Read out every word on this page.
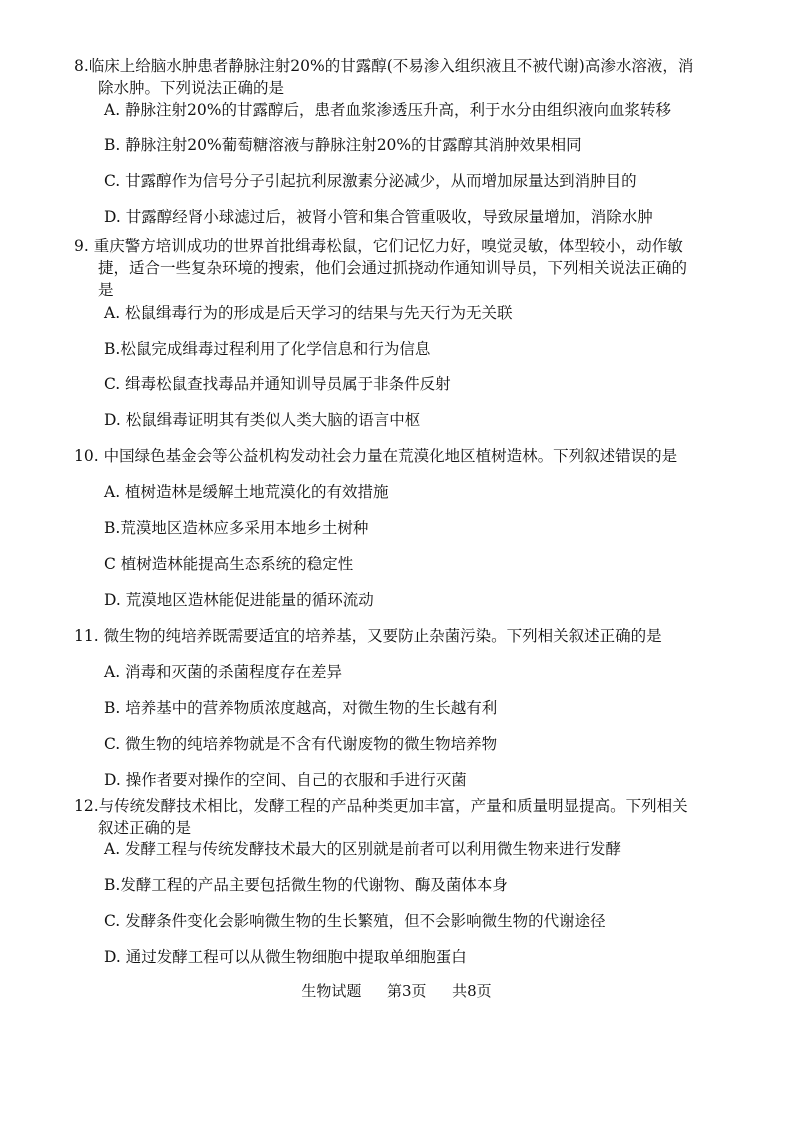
8.临床上给脑水肿患者静脉注射20%的甘露醇(不易渗入组织液且不被代谢)高渗水溶液，消
除水肿。下列说法正确的是
A. 静脉注射20%的甘露醇后，患者血浆渗透压升高，利于水分由组织液向血浆转移
B. 静脉注射20%葡萄糖溶液与静脉注射20%的甘露醇其消肿效果相同
C. 甘露醇作为信号分子引起抗利尿激素分泌减少，从而增加尿量达到消肿目的
D. 甘露醇经肾小球滤过后，被肾小管和集合管重吸收，导致尿量增加，消除水肿
9. 重庆警方培训成功的世界首批缉毒松鼠，它们记忆力好，嗅觉灵敏，体型较小，动作敏
捷，适合一些复杂环境的搜索，他们会通过抓挠动作通知训导员，下列相关说法正确的
是
A. 松鼠缉毒行为的形成是后天学习的结果与先天行为无关联
B.松鼠完成缉毒过程利用了化学信息和行为信息
C. 缉毒松鼠查找毒品并通知训导员属于非条件反射
D. 松鼠缉毒证明其有类似人类大脑的语言中枢
10. 中国绿色基金会等公益机构发动社会力量在荒漠化地区植树造林。下列叙述错误的是
A. 植树造林是缓解土地荒漠化的有效措施
B.荒漠地区造林应多采用本地乡土树种
C 植树造林能提高生态系统的稳定性
D. 荒漠地区造林能促进能量的循环流动
11. 微生物的纯培养既需要适宜的培养基，又要防止杂菌污染。下列相关叙述正确的是
A. 消毒和灭菌的杀菌程度存在差异
B. 培养基中的营养物质浓度越高，对微生物的生长越有利
C. 微生物的纯培养物就是不含有代谢废物的微生物培养物
D. 操作者要对操作的空间、自己的衣服和手进行灭菌
12.与传统发酵技术相比，发酵工程的产品种类更加丰富，产量和质量明显提高。下列相关
叙述正确的是
A. 发酵工程与传统发酵技术最大的区别就是前者可以利用微生物来进行发酵
B.发酵工程的产品主要包括微生物的代谢物、酶及菌体本身
C. 发酵条件变化会影响微生物的生长繁殖，但不会影响微生物的代谢途径
D. 通过发酵工程可以从微生物细胞中提取单细胞蛋白
生物试题 第3页 共8页
